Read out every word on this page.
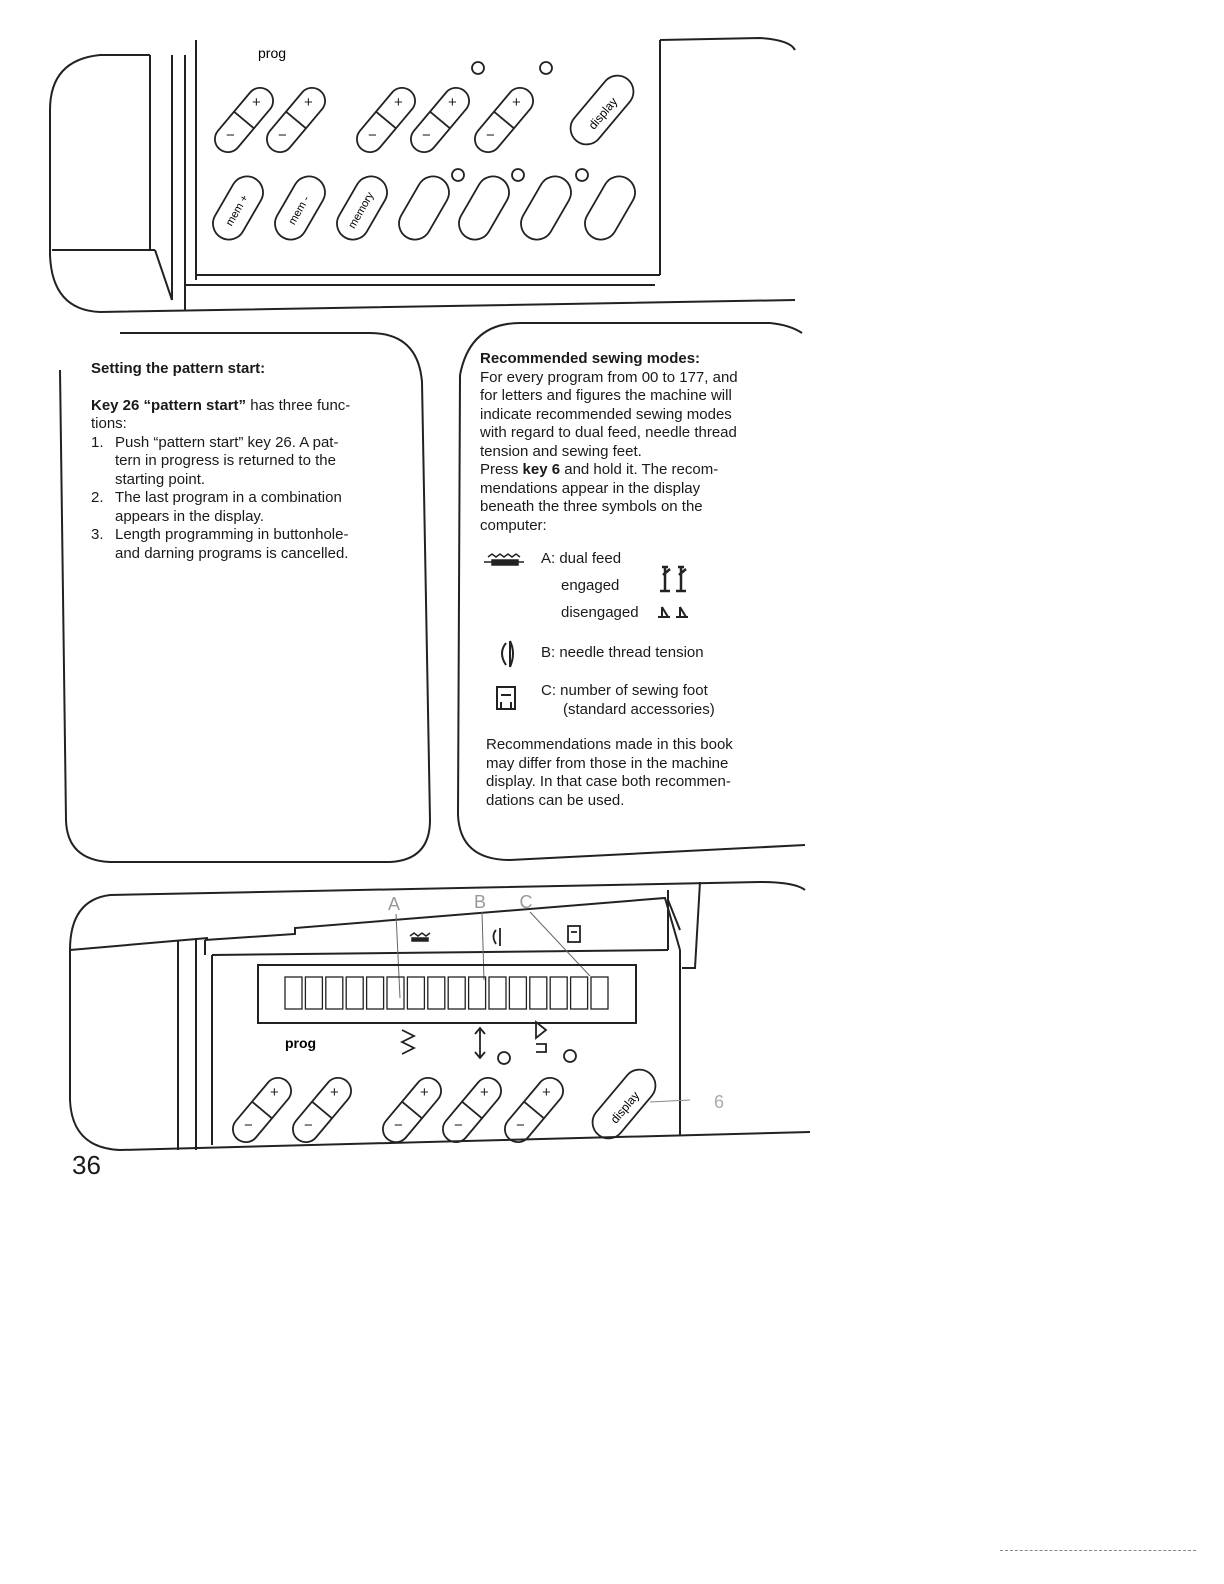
prog
+
−
+
−
+
−
+
−
+
−
display
mem +	mem -	memory

Setting the pattern start:

Key 26 “pattern start” has three func-

tions:

1. Push “pattern start” key 26. A pat-
tern in progress is returned to the
starting point.
2. The last program in a combination
appears in the display.
3. Length programming in buttonhole-
and darning programs is cancelled.

Recommended sewing modes:

For every program from 00 to 177, and

for letters and figures the machine will

indicate recommended sewing modes

with regard to dual feed, needle thread

tension and sewing feet.

Press key 6 and hold it. The recom-

mendations appear in the display

beneath the three symbols on the

computer:

A: dual feed
engaged
disengaged
B: needle thread tension
C: number of sewing foot
(standard accessories)

Recommendations made in this book

may differ from those in the machine

display. In that case both recommen-

dations can be used.

A	B C
prog
+
−
+
−
+
−
+
−
+
−	display	6
36
